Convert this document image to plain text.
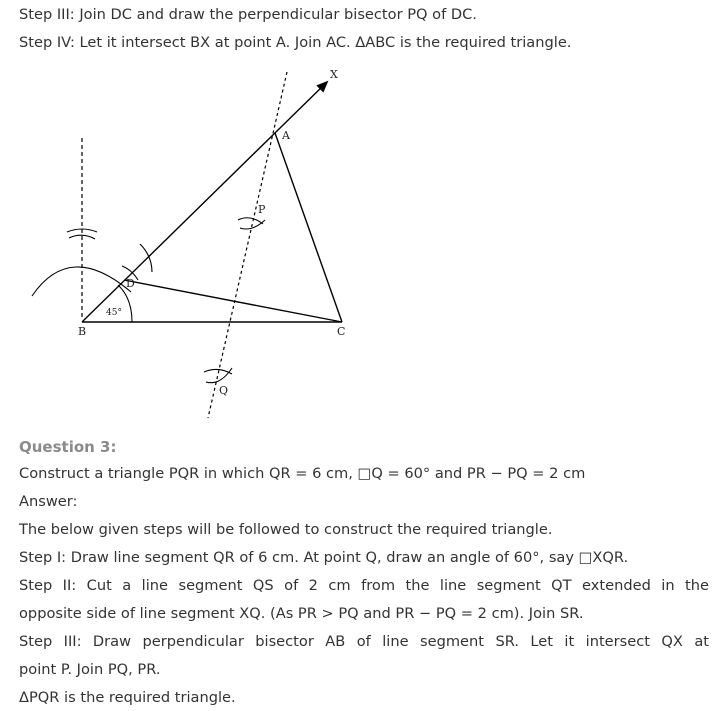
Step III: Join DC and draw the perpendicular bisector PQ of DC.
Step IV: Let it intersect BX at point A. Join AC. ΔABC is the required triangle.
X
A
P
D
45°
B	C
Q
Question 3:
Construct a triangle PQR in which QR = 6 cm, □Q = 60° and PR − PQ = 2 cm
Answer:
The below given steps will be followed to construct the required triangle.
Step I: Draw line segment QR of 6 cm. At point Q, draw an angle of 60°, say □XQR.
Step II: Cut a line segment QS of 2 cm from the line segment QT extended in the
opposite side of line segment XQ. (As PR > PQ and PR − PQ = 2 cm). Join SR.
Step III: Draw perpendicular bisector AB of line segment SR. Let it intersect QX at
point P. Join PQ, PR.
ΔPQR is the required triangle.
